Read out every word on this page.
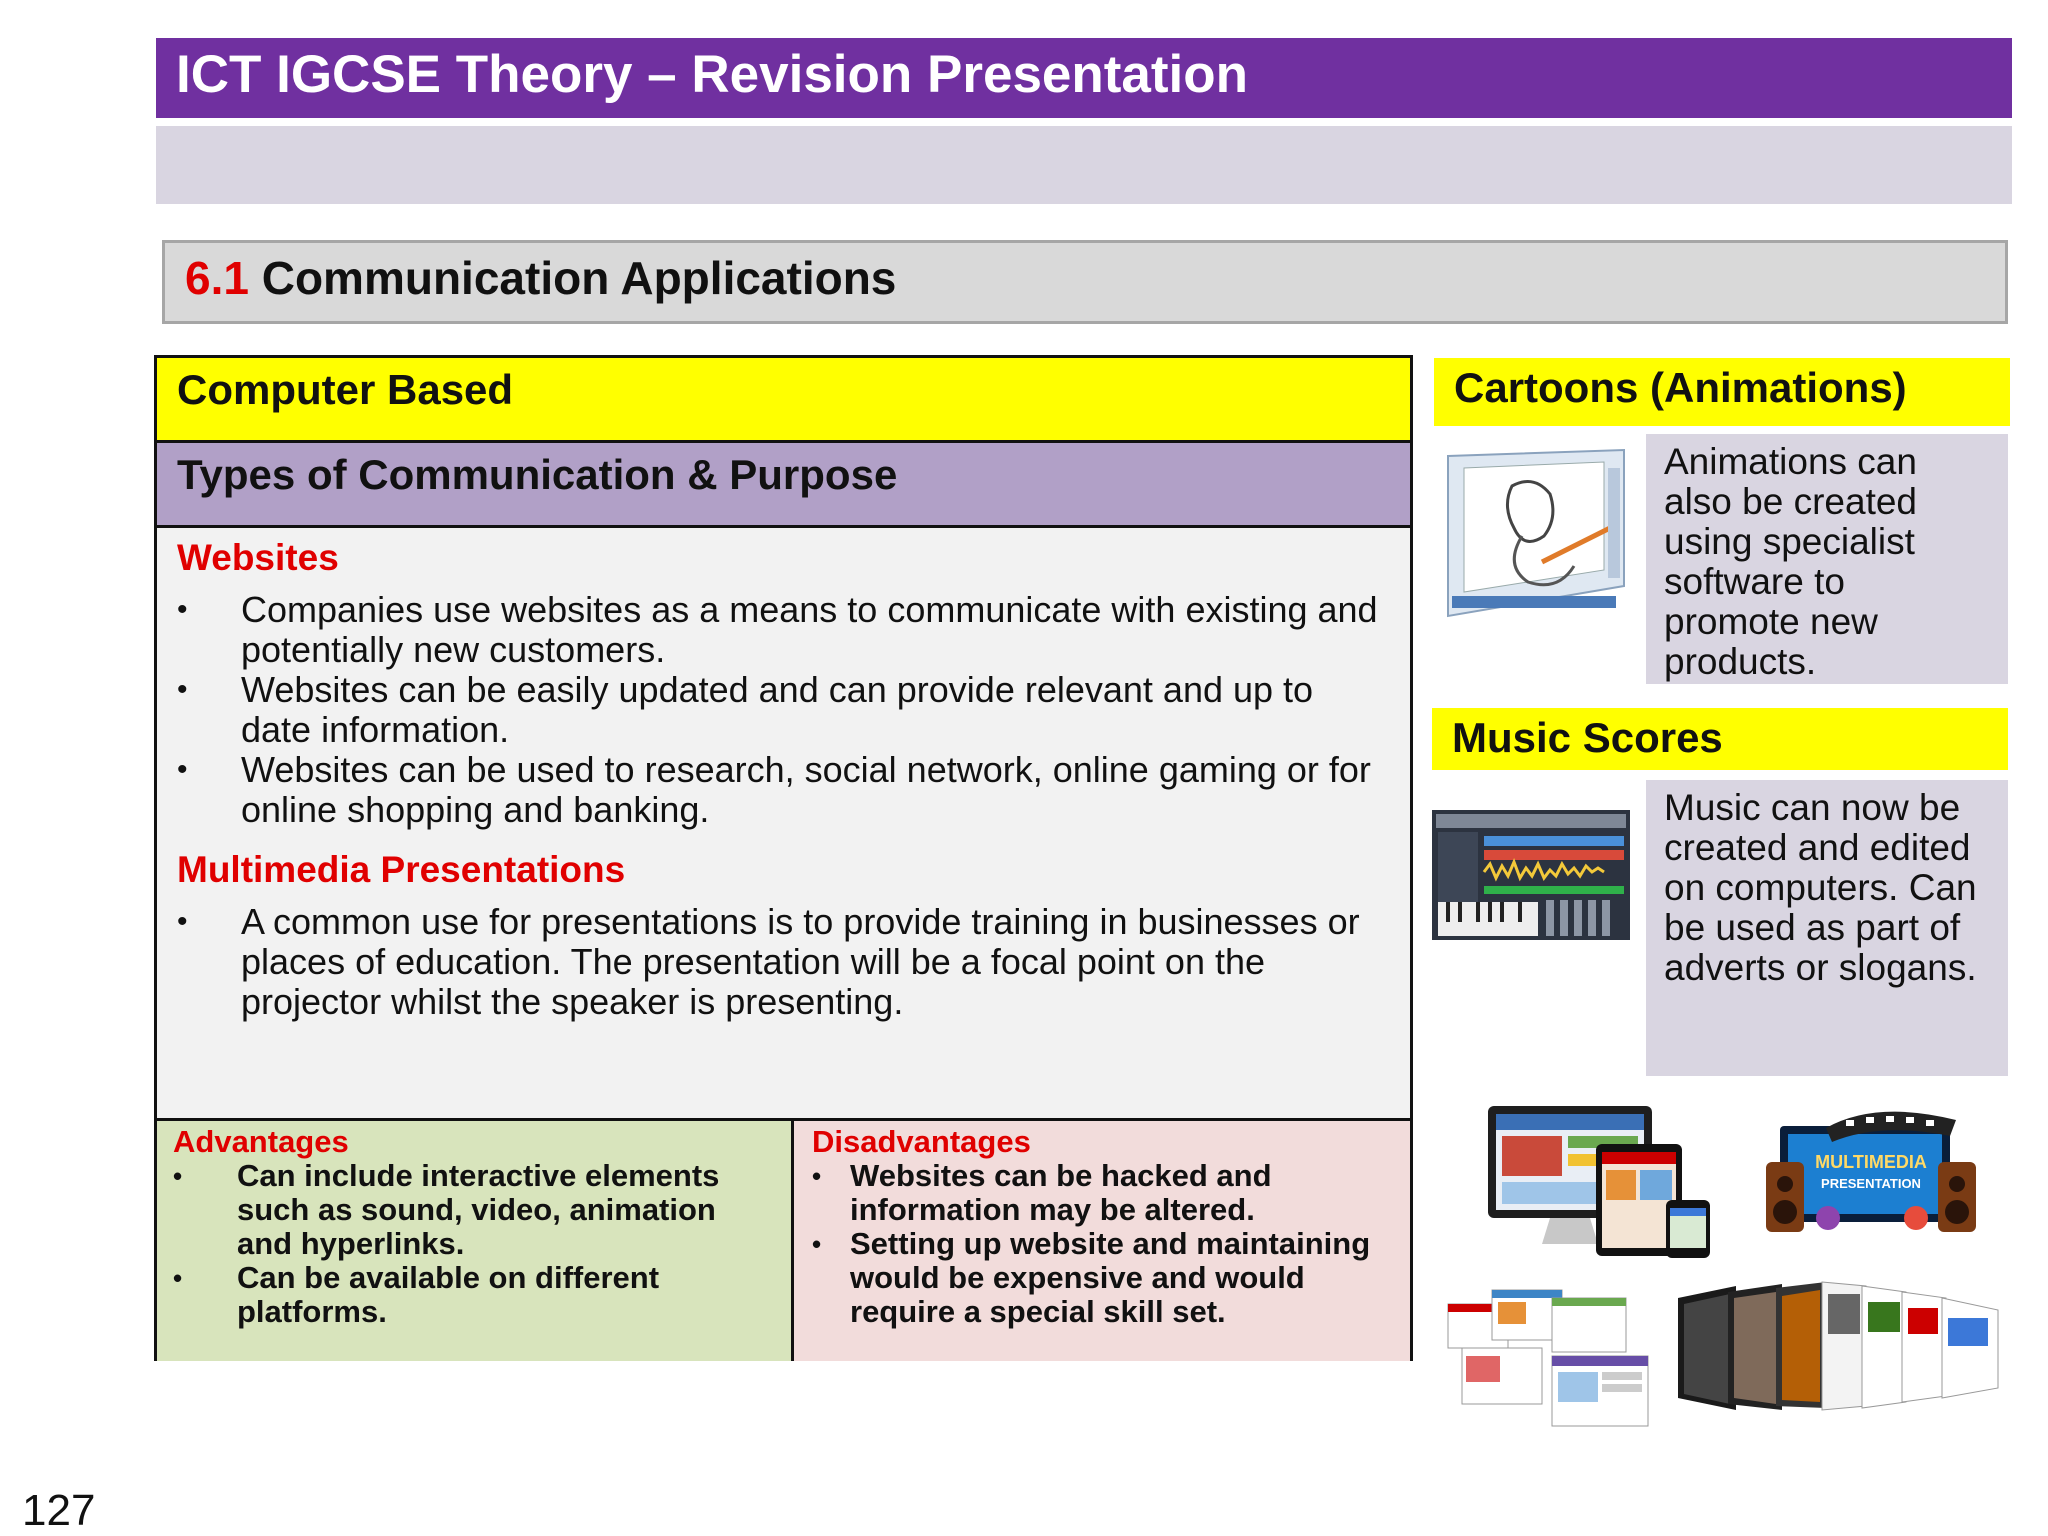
ICT IGCSE Theory – Revision Presentation
6.1 Communication Applications
Computer Based
Types of Communication & Purpose
Websites
• Companies use websites as a means to communicate with existing and potentially new customers.
• Websites can be easily updated and can provide relevant and up to date information.
• Websites can be used to research, social network, online gaming or for online shopping and banking.
Multimedia Presentations
• A common use for presentations is to provide training in businesses or places of education. The presentation will be a focal point on the projector whilst the speaker is presenting.
Advantages
• Can include interactive elements such as sound, video, animation and hyperlinks.
• Can be available on different platforms.
Disadvantages
• Websites can be hacked and information may be altered.
• Setting up website and maintaining would be expensive and would require a special skill set.
Cartoons (Animations)
Animations can also be created using specialist software to promote new products.
Music Scores
Music can now be created and edited on computers. Can be used as part of adverts or slogans.
MULTIMEDIA
PRESENTATION
127
